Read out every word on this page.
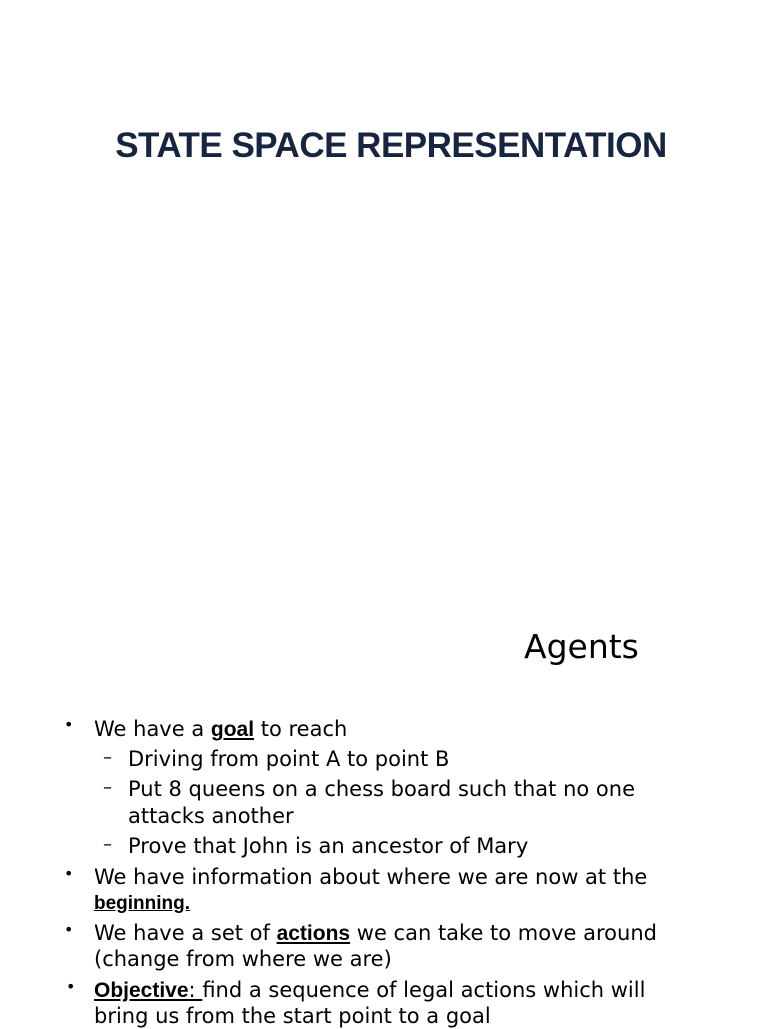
STATE SPACE REPRESENTATION
Agents
• We have a goal to reach
– Driving from point A to point B
– Put 8 queens on a chess board such that no one
attacks another
– Prove that John is an ancestor of Mary
• We have information about where we are now at the
beginning.
• We have a set of actions we can take to move around
(change from where we are)
• Objective: find a sequence of legal actions which will
bring us from the start point to a goal
